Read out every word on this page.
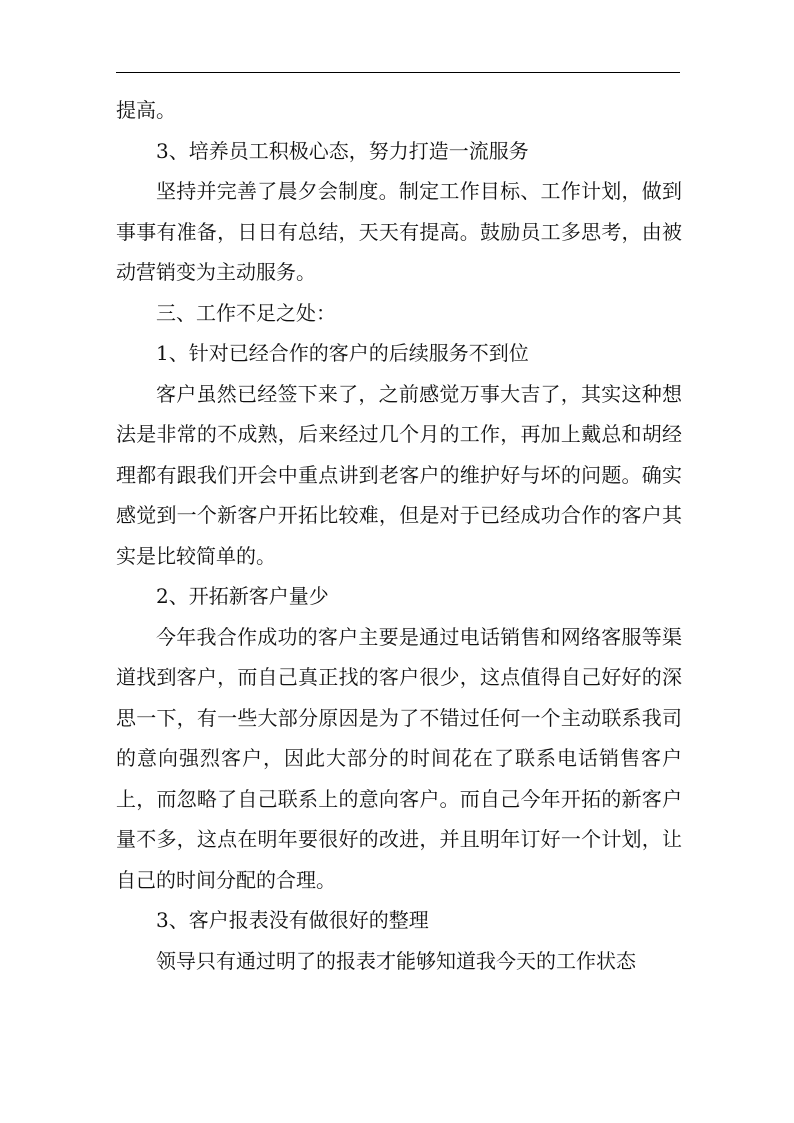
提高。

3、培养员工积极心态，努力打造一流服务

坚持并完善了晨夕会制度。制定工作目标、工作计划，做到事事有准备，日日有总结，天天有提高。鼓励员工多思考，由被动营销变为主动服务。

三、工作不足之处：

1、针对已经合作的客户的后续服务不到位

客户虽然已经签下来了，之前感觉万事大吉了，其实这种想法是非常的不成熟，后来经过几个月的工作，再加上戴总和胡经理都有跟我们开会中重点讲到老客户的维护好与坏的问题。确实感觉到一个新客户开拓比较难，但是对于已经成功合作的客户其实是比较简单的。

2、开拓新客户量少

今年我合作成功的客户主要是通过电话销售和网络客服等渠道找到客户，而自己真正找的客户很少，这点值得自己好好的深思一下，有一些大部分原因是为了不错过任何一个主动联系我司的意向强烈客户，因此大部分的时间花在了联系电话销售客户上，而忽略了自己联系上的意向客户。而自己今年开拓的新客户量不多，这点在明年要很好的改进，并且明年订好一个计划，让自己的时间分配的合理。

3、客户报表没有做很好的整理

领导只有通过明了的报表才能够知道我今天的工作状态
